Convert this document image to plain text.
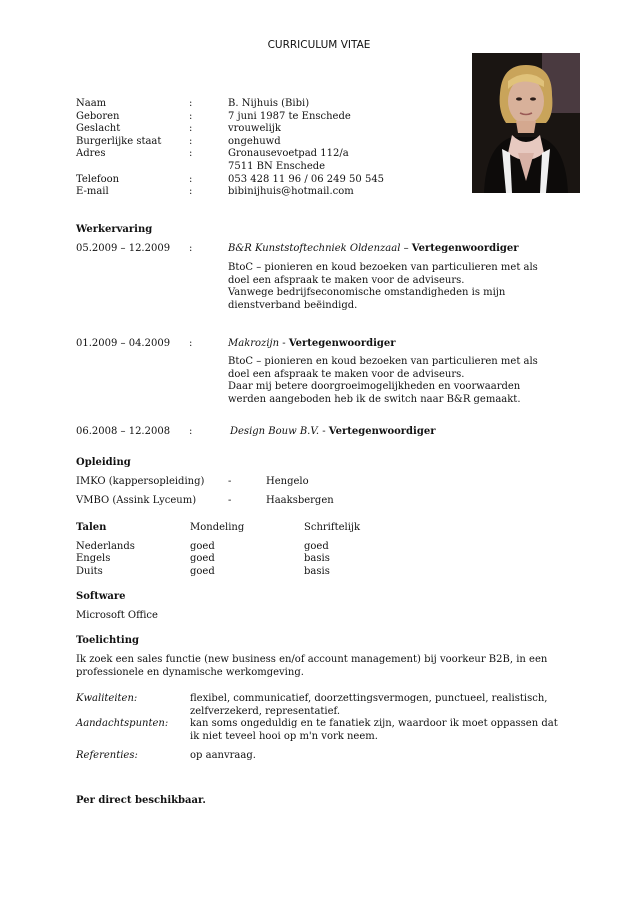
CURRICULUM VITAE
Naam	:	B. Nijhuis (Bibi)
Geboren	:	7 juni 1987 te Enschede
Geslacht	:	vrouwelijk
Burgerlijke staat	:	ongehuwd
Adres	:	Gronausevoetpad 112/a
7511 BN Enschede
Telefoon	:	053 428 11 96 / 06 249 50 545
E-mail	:	bibinijhuis@hotmail.com
Werkervaring
05.2009 – 12.2009 :	B&R Kunststoftechniek Oldenzaal – Vertegenwoordiger
BtoC – pionieren en koud bezoeken van particulieren met als doel een afspraak te maken voor de adviseurs.
Vanwege bedrijfseconomische omstandigheden is mijn dienstverband beëindigd.
01.2009 – 04.2009 :	Makrozijn - Vertegenwoordiger
BtoC – pionieren en koud bezoeken van particulieren met als doel een afspraak te maken voor de adviseurs.
Daar mij betere doorgroeimogelijkheden en voorwaarden werden aangeboden heb ik de switch naar B&R gemaakt.
06.2008 – 12.2008 :	Design Bouw B.V. - Vertegenwoordiger
Opleiding
IMKO (kappersopleiding) -	Hengelo
VMBO (Assink Lyceum)	-	Haaksbergen
Talen	Mondeling	Schriftelijk
Nederlands	goed	goed
Engels	goed	basis
Duits	goed	basis
Software
Microsoft Office
Toelichting
Ik zoek een sales functie (new business en/of account management) bij voorkeur B2B, in een professionele en dynamische werkomgeving.
Kwaliteiten:	flexibel, communicatief, doorzettingsvermogen, punctueel, realistisch, zelfverzekerd, representatief.
Aandachtspunten: kan soms ongeduldig en te fanatiek zijn, waardoor ik moet oppassen dat ik niet teveel hooi op m'n vork neem.
Referenties:	op aanvraag.
Per direct beschikbaar.
